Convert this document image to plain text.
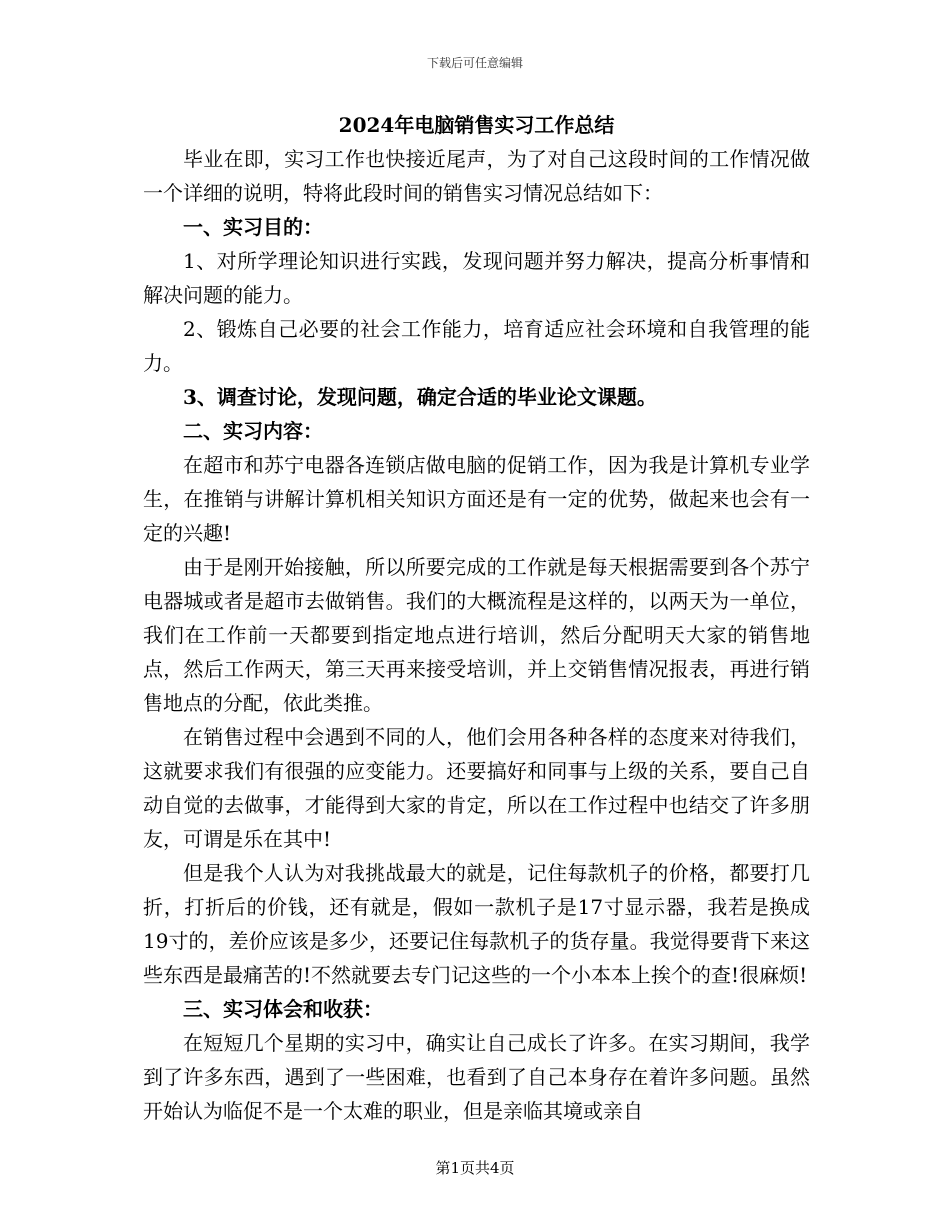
下载后可任意编辑

2024年电脑销售实习工作总结

毕业在即，实习工作也快接近尾声，为了对自己这段时间的工作情况做一个详细的说明，特将此段时间的销售实习情况总结如下：

一、实习目的：

1、对所学理论知识进行实践，发现问题并努力解决，提高分析事情和解决问题的能力。

2、锻炼自己必要的社会工作能力，培育适应社会环境和自我管理的能力。

3、调查讨论，发现问题，确定合适的毕业论文课题。

二、实习内容：

在超市和苏宁电器各连锁店做电脑的促销工作，因为我是计算机专业学生，在推销与讲解计算机相关知识方面还是有一定的优势，做起来也会有一定的兴趣!

由于是刚开始接触，所以所要完成的工作就是每天根据需要到各个苏宁电器城或者是超市去做销售。我们的大概流程是这样的，以两天为一单位，我们在工作前一天都要到指定地点进行培训，然后分配明天大家的销售地点，然后工作两天，第三天再来接受培训，并上交销售情况报表，再进行销售地点的分配，依此类推。

在销售过程中会遇到不同的人，他们会用各种各样的态度来对待我们，这就要求我们有很强的应变能力。还要搞好和同事与上级的关系，要自己自动自觉的去做事，才能得到大家的肯定，所以在工作过程中也结交了许多朋友，可谓是乐在其中!

但是我个人认为对我挑战最大的就是，记住每款机子的价格，都要打几折，打折后的价钱，还有就是，假如一款机子是17寸显示器，我若是换成19寸的，差价应该是多少，还要记住每款机子的货存量。我觉得要背下来这些东西是最痛苦的!不然就要去专门记这些的一个小本本上挨个的查!很麻烦!

三、实习体会和收获：

在短短几个星期的实习中，确实让自己成长了许多。在实习期间，我学到了许多东西，遇到了一些困难，也看到了自己本身存在着许多问题。虽然开始认为临促不是一个太难的职业，但是亲临其境或亲自

第1页共4页
